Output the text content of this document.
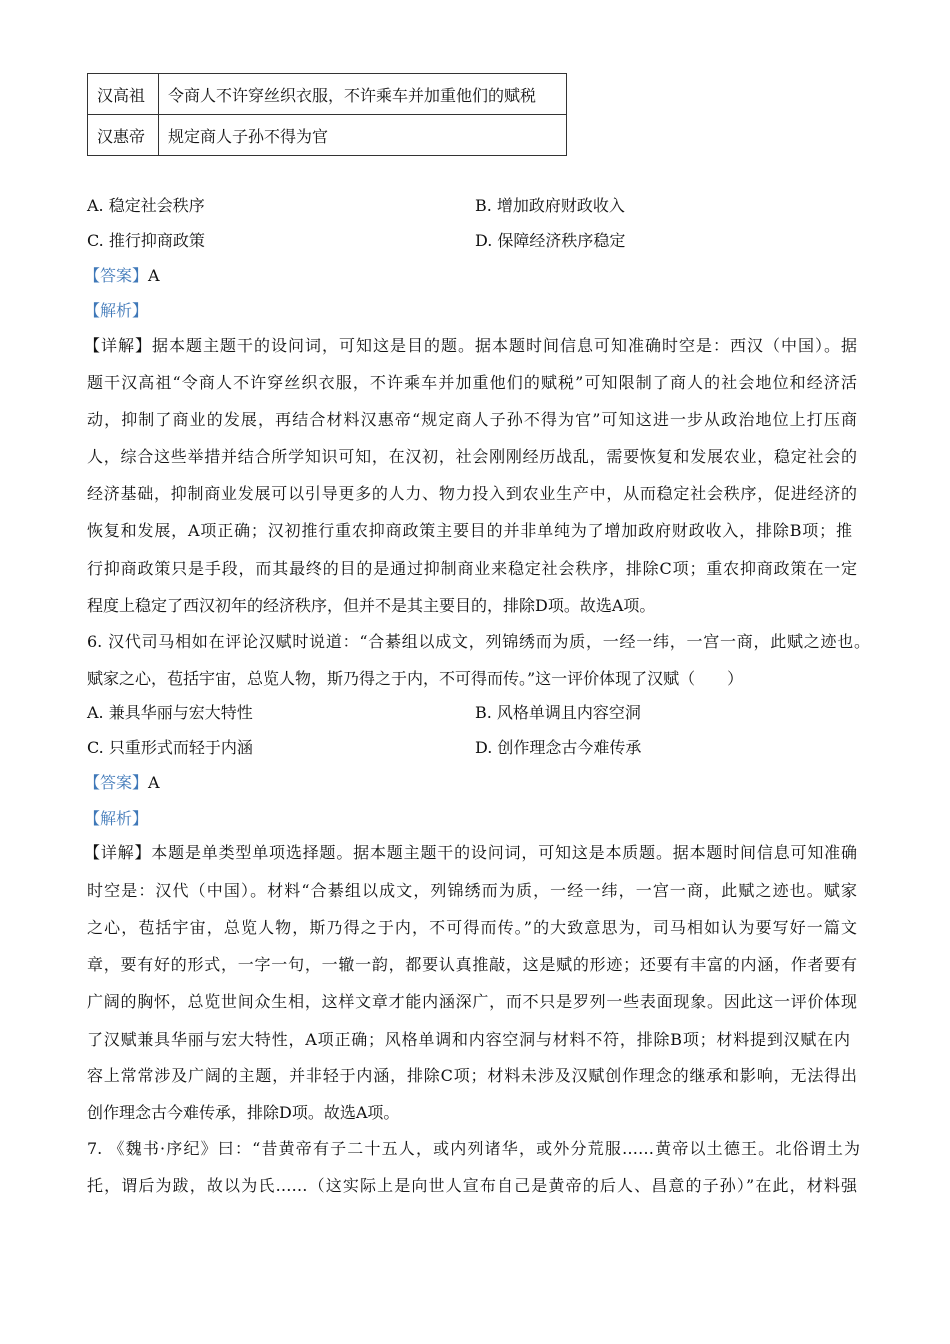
汉高祖	令商人不许穿丝织衣服，不许乘车并加重他们的赋税
汉惠帝	规定商人子孙不得为官
A. 稳定社会秩序	B. 增加政府财政收入
C. 推行抑商政策	D. 保障经济秩序稳定
【答案】A
【解析】
【详解】据本题主题干的设问词，可知这是目的题。据本题时间信息可知准确时空是：西汉（中国）。据
题干汉高祖“令商人不许穿丝织衣服，不许乘车并加重他们的赋税”可知限制了商人的社会地位和经济活
动，抑制了商业的发展，再结合材料汉惠帝“规定商人子孙不得为官”可知这进一步从政治地位上打压商
人，综合这些举措并结合所学知识可知，在汉初，社会刚刚经历战乱，需要恢复和发展农业，稳定社会的
经济基础，抑制商业发展可以引导更多的人力、物力投入到农业生产中，从而稳定社会秩序，促进经济的
恢复和发展，A项正确；汉初推行重农抑商政策主要目的并非单纯为了增加政府财政收入，排除B项；推
行抑商政策只是手段，而其最终的目的是通过抑制商业来稳定社会秩序，排除C项；重农抑商政策在一定
程度上稳定了西汉初年的经济秩序，但并不是其主要目的，排除D项。故选A项。
6. 汉代司马相如在评论汉赋时说道：“合綦组以成文，列锦绣而为质，一经一纬，一宫一商，此赋之迹也。
赋家之心，苞括宇宙，总览人物，斯乃得之于内，不可得而传。”这一评价体现了汉赋（　　）
A. 兼具华丽与宏大特性	B. 风格单调且内容空洞
C. 只重形式而轻于内涵	D. 创作理念古今难传承
【答案】A
【解析】
【详解】本题是单类型单项选择题。据本题主题干的设问词，可知这是本质题。据本题时间信息可知准确
时空是：汉代（中国）。材料“合綦组以成文，列锦绣而为质，一经一纬，一宫一商，此赋之迹也。赋家
之心，苞括宇宙，总览人物，斯乃得之于内，不可得而传。”的大致意思为，司马相如认为要写好一篇文
章，要有好的形式，一字一句，一辙一韵，都要认真推敲，这是赋的形迹；还要有丰富的内涵，作者要有
广阔的胸怀，总览世间众生相，这样文章才能内涵深广，而不只是罗列一些表面现象。因此这一评价体现
了汉赋兼具华丽与宏大特性，A项正确；风格单调和内容空洞与材料不符，排除B项；材料提到汉赋在内
容上常常涉及广阔的主题，并非轻于内涵，排除C项；材料未涉及汉赋创作理念的继承和影响，无法得出
创作理念古今难传承，排除D项。故选A项。
7. 《魏书·序纪》曰：“昔黄帝有子二十五人，或内列诸华，或外分荒服……黄帝以土德王。北俗谓土为
托，谓后为跋，故以为氏……（这实际上是向世人宣布自己是黄帝的后人、昌意的子孙）”在此，材料强
